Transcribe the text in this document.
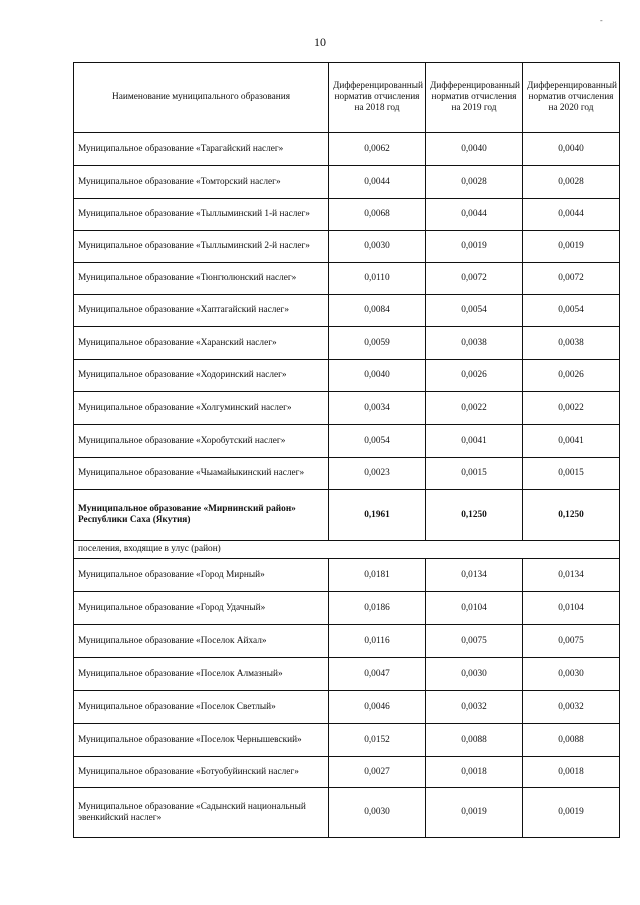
-
10
Наименование муниципального образования	Дифференцированный норматив отчисления на 2018 год	Дифференцированный норматив отчисления на 2019 год	Дифференцированный норматив отчисления на 2020 год
Муниципальное образование «Тарагайский наслег»	0,0062	0,0040	0,0040
Муниципальное образование «Томторский наслег»	0,0044	0,0028	0,0028
Муниципальное образование «Тыллыминский 1-й наслег»	0,0068	0,0044	0,0044
Муниципальное образование «Тыллыминский 2-й наслег»	0,0030	0,0019	0,0019
Муниципальное образование «Тюнгюлюнский наслег»	0,0110	0,0072	0,0072
Муниципальное образование «Хаптагайский наслег»	0,0084	0,0054	0,0054
Муниципальное образование «Харанский наслег»	0,0059	0,0038	0,0038
Муниципальное образование «Ходоринский наслег»	0,0040	0,0026	0,0026
Муниципальное образование «Холгуминский наслег»	0,0034	0,0022	0,0022
Муниципальное образование «Хоробутский наслег»	0,0054	0,0041	0,0041
Муниципальное образование «Чыамайыкинский наслег»	0,0023	0,0015	0,0015
Муниципальное образование «Мирнинский район» Республики Саха (Якутия)	0,1961	0,1250	0,1250
поселения, входящие в улус (район)			
Муниципальное образование «Город Мирный»	0,0181	0,0134	0,0134
Муниципальное образование «Город Удачный»	0,0186	0,0104	0,0104
Муниципальное образование «Поселок Айхал»	0,0116	0,0075	0,0075
Муниципальное образование «Поселок Алмазный»	0,0047	0,0030	0,0030
Муниципальное образование «Поселок Светлый»	0,0046	0,0032	0,0032
Муниципальное образование «Поселок Чернышевский»	0,0152	0,0088	0,0088
Муниципальное образование «Ботуобуйинский наслег»	0,0027	0,0018	0,0018
Муниципальное образование «Садынский национальный эвенкийский наслег»	0,0030	0,0019	0,0019
